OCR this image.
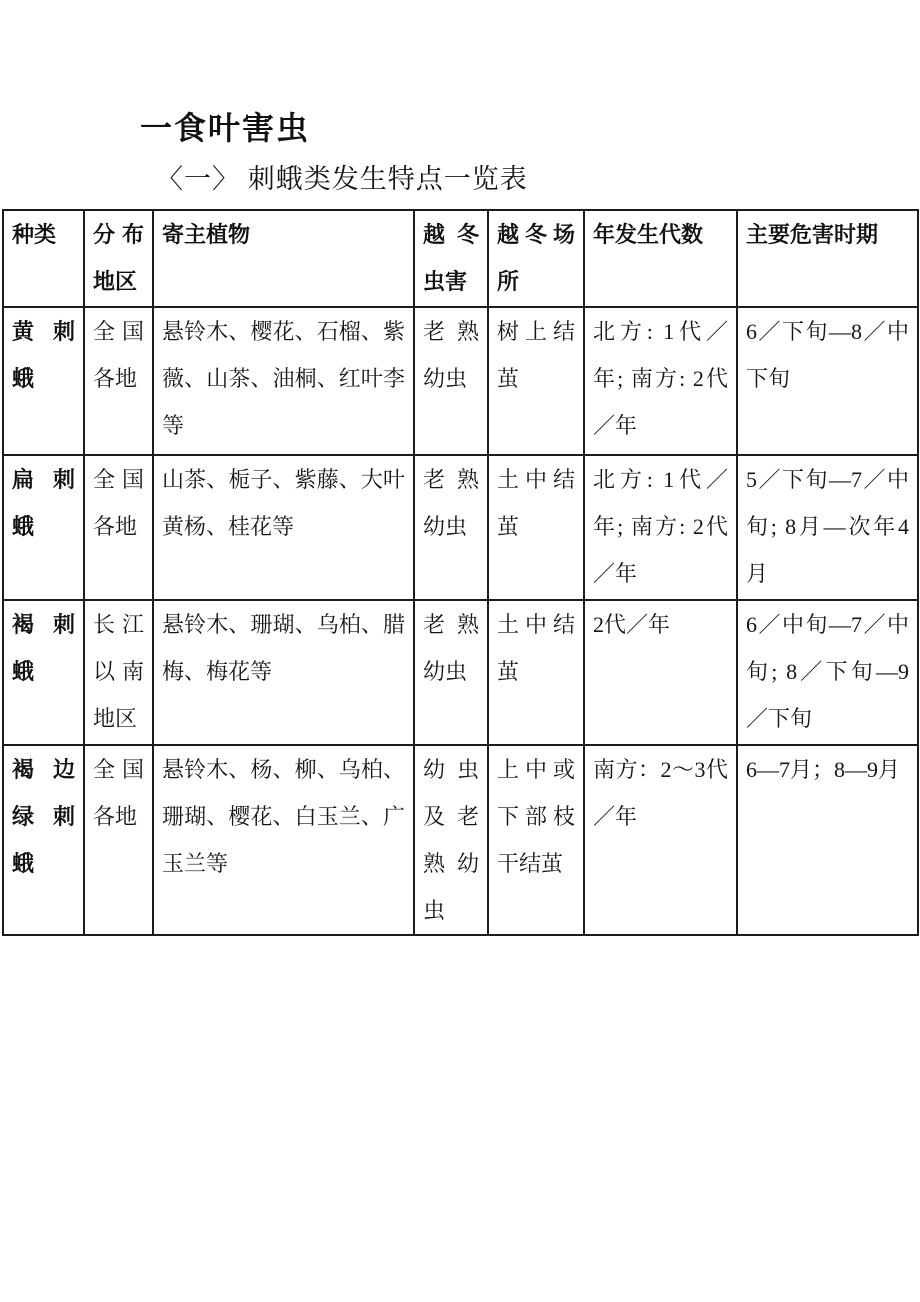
一食叶害虫
〈一〉 刺蛾类发生特点一览表
种类	分布地区	寄主植物	越冬虫害	越冬场所	年发生代数	主要危害时期
黄刺蛾	全国各地	悬铃木、樱花、石榴、紫薇、山茶、油桐、红叶李等	老熟幼虫	树上结茧	北方: 1代／年; 南方: 2代／年	6／下旬—8／中下旬
扁刺蛾	全国各地	山茶、栀子、紫藤、大叶黄杨、桂花等	老熟幼虫	土中结茧	北方: 1代／年; 南方: 2代／年	5／下旬—7／中旬; 8月—次年4月
褐刺蛾	长江以南地区	悬铃木、珊瑚、乌柏、腊梅、梅花等	老熟幼虫	土中结茧	2代／年	6／中旬—7／中旬; 8／下旬—9／下旬
褐边绿刺蛾	全国各地	悬铃木、杨、柳、乌柏、珊瑚、樱花、白玉兰、广玉兰等	幼虫及老熟幼虫	上中或下部枝干结茧	南方：2～3代／年	6—7月；8—9月
